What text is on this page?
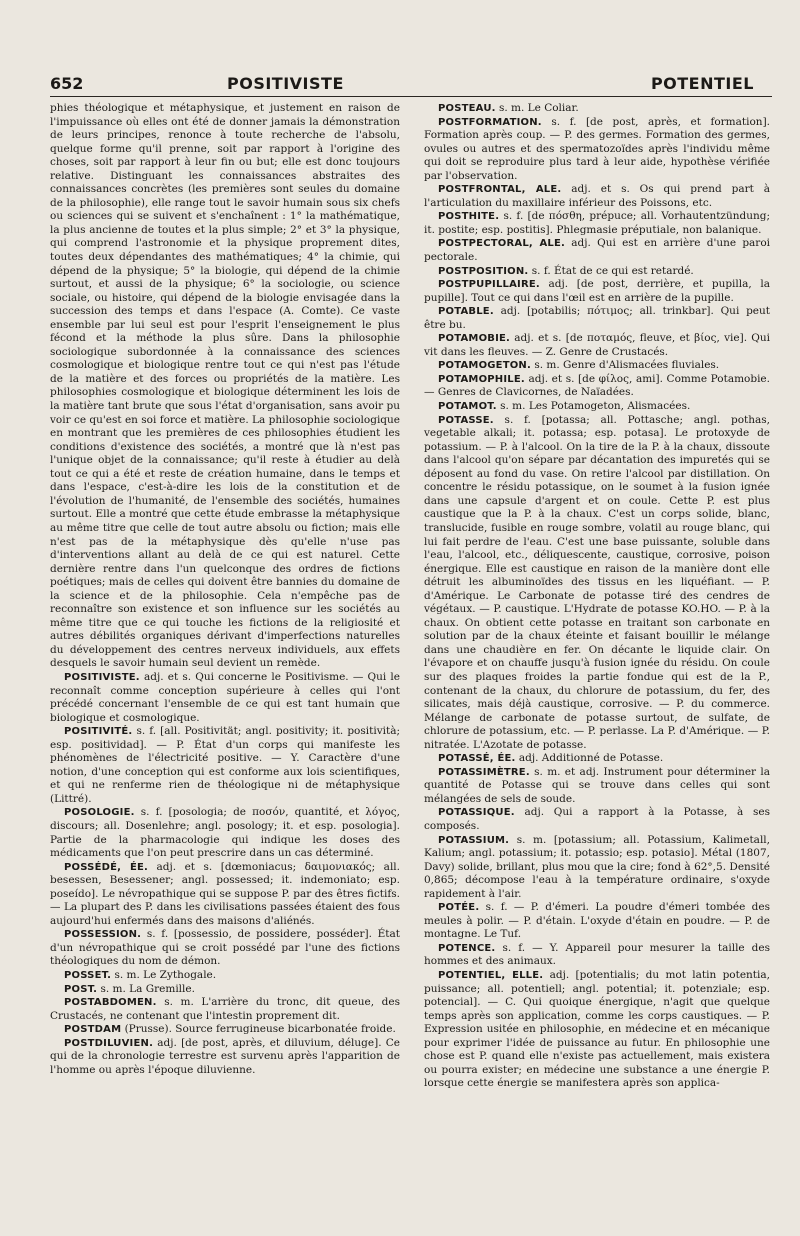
652	POSITIVISTE	POTENTIEL

phies théologique et métaphysique, et justement en raison de l'impuissance où elles ont été de donner jamais la démonstration de leurs principes, renonce à toute recherche de l'absolu, quelque forme qu'il prenne, soit par rapport à l'origine des choses, soit par rapport à leur fin ou but; elle est donc toujours relative. Distinguant les connaissances abstraites des connaissances concrètes (les premières sont seules du domaine de la philosophie), elle range tout le savoir humain sous six chefs ou sciences qui se suivent et s'enchaînent : 1° la mathématique, la plus ancienne de toutes et la plus simple; 2° et 3° la physique, qui comprend l'astronomie et la physique proprement dites, toutes deux dépendantes des mathématiques; 4° la chimie, qui dépend de la physique; 5° la biologie, qui dépend de la chimie surtout, et aussi de la physique; 6° la sociologie, ou science sociale, ou histoire, qui dépend de la biologie envisagée dans la succession des temps et dans l'espace (A. Comte). Ce vaste ensemble par lui seul est pour l'esprit l'enseignement le plus fécond et la méthode la plus sûre. Dans la philosophie sociologique subordonnée à la connaissance des sciences cosmologique et biologique rentre tout ce qui n'est pas l'étude de la matière et des forces ou propriétés de la matière. Les philosophies cosmologique et biologique déterminent les lois de la matière tant brute que sous l'état d'organisation, sans avoir pu voir ce qu'est en soi force et matière. La philosophie sociologique en montrant que les premières de ces philosophies étudient les conditions d'existence des sociétés, a montré que là n'est pas l'unique objet de la connaissance; qu'il reste à étudier au delà tout ce qui a été et reste de création humaine, dans le temps et dans l'espace, c'est-à-dire les lois de la constitution et de l'évolution de l'humanité, de l'ensemble des sociétés, humaines surtout. Elle a montré que cette étude embrasse la métaphysique au même titre que celle de tout autre absolu ou fiction; mais elle n'est pas de la métaphysique dès qu'elle n'use pas d'interventions allant au delà de ce qui est naturel. Cette dernière rentre dans l'un quelconque des ordres de fictions poétiques; mais de celles qui doivent être bannies du domaine de la science et de la philosophie. Cela n'empêche pas de reconnaître son existence et son influence sur les sociétés au même titre que ce qui touche les fictions de la religiosité et autres débilités organiques dérivant d'imperfections naturelles du développement des centres nerveux individuels, aux effets desquels le savoir humain seul devient un remède.

POSITIVISTE. adj. et s. Qui concerne le Positivisme. — Qui le reconnaît comme conception supérieure à celles qui l'ont précédé concernant l'ensemble de ce qui est tant humain que biologique et cosmologique.

POSITIVITÉ. s. f. [all. Positivität; angl. positivity; it. positività; esp. positividad]. — P. État d'un corps qui manifeste les phénomènes de l'électricité positive. — Y. Caractère d'une notion, d'une conception qui est conforme aux lois scientifiques, et qui ne renferme rien de théologique ni de métaphysique (Littré).

POSOLOGIE. s. f. [posologia; de ποσόν, quantité, et λόγος, discours; all. Dosenlehre; angl. posology; it. et esp. posologia]. Partie de la pharmacologie qui indique les doses des médicaments que l'on peut prescrire dans un cas déterminé.

POSSÉDÉ, ÉE. adj. et s. [dœmoniacus; δαιμονιακός; all. besessen, Besessener; angl. possessed; it. indemoniato; esp. poseído]. Le névropathique qui se suppose P. par des êtres fictifs. — La plupart des P. dans les civilisations passées étaient des fous aujourd'hui enfermés dans des maisons d'aliénés.

POSSESSION. s. f. [possessio, de possidere, posséder]. État d'un névropathique qui se croit possédé par l'une des fictions théologiques du nom de démon.

POSSET. s. m. Le Zythogale.

POST. s. m. La Gremille.

POSTABDOMEN. s. m. L'arrière du tronc, dit queue, des Crustacés, ne contenant que l'intestin proprement dit.

POSTDAM (Prusse). Source ferrugineuse bicarbonatée froide.

POSTDILUVIEN. adj. [de post, après, et diluvium, déluge]. Ce qui de la chronologie terrestre est survenu après l'apparition de l'homme ou après l'époque diluvienne.

POSTEAU. s. m. Le Coliar.

POSTFORMATION. s. f. [de post, après, et formation]. Formation après coup. — P. des germes. Formation des germes, ovules ou autres et des spermatozoïdes après l'individu même qui doit se reproduire plus tard à leur aide, hypothèse vérifiée par l'observation.

POSTFRONTAL, ALE. adj. et s. Os qui prend part à l'articulation du maxillaire inférieur des Poissons, etc.

POSTHITE. s. f. [de πόσθη, prépuce; all. Vorhautentzündung; it. postite; esp. postitis]. Phlegmasie préputiale, non balanique.

POSTPECTORAL, ALE. adj. Qui est en arrière d'une paroi pectorale.

POSTPOSITION. s. f. État de ce qui est retardé.

POSTPUPILLAIRE. adj. [de post, derrière, et pupilla, la pupille]. Tout ce qui dans l'œil est en arrière de la pupille.

POTABLE. adj. [potabilis; πότιμος; all. trinkbar]. Qui peut être bu.

POTAMOBIE. adj. et s. [de ποταμός, fleuve, et βίος, vie]. Qui vit dans les fleuves. — Z. Genre de Crustacés.

POTAMOGETON. s. m. Genre d'Alismacées fluviales.

POTAMOPHILE. adj. et s. [de φίλος, ami]. Comme Potamobie. — Genres de Clavicornes, de Naïadées.

POTAMOT. s. m. Les Potamogeton, Alismacées.

POTASSE. s. f. [potassa; all. Pottasche; angl. pothas, vegetable alkali; it. potassa; esp. potasa]. Le protoxyde de potassium. — P. à l'alcool. On la tire de la P. à la chaux, dissoute dans l'alcool qu'on sépare par décantation des impuretés qui se déposent au fond du vase. On retire l'alcool par distillation. On concentre le résidu potassique, on le soumet à la fusion ignée dans une capsule d'argent et on coule. Cette P. est plus caustique que la P. à la chaux. C'est un corps solide, blanc, translucide, fusible en rouge sombre, volatil au rouge blanc, qui lui fait perdre de l'eau. C'est une base puissante, soluble dans l'eau, l'alcool, etc., déliquescente, caustique, corrosive, poison énergique. Elle est caustique en raison de la manière dont elle détruit les albuminoïdes des tissus en les liquéfiant. — P. d'Amérique. Le Carbonate de potasse tiré des cendres de végétaux. — P. caustique. L'Hydrate de potasse KO.HO. — P. à la chaux. On obtient cette potasse en traitant son carbonate en solution par de la chaux éteinte et faisant bouillir le mélange dans une chaudière en fer. On décante le liquide clair. On l'évapore et on chauffe jusqu'à fusion ignée du résidu. On coule sur des plaques froides la partie fondue qui est de la P., contenant de la chaux, du chlorure de potassium, du fer, des silicates, mais déjà caustique, corrosive. — P. du commerce. Mélange de carbonate de potasse surtout, de sulfate, de chlorure de potassium, etc. — P. perlasse. La P. d'Amérique. — P. nitratée. L'Azotate de potasse.

POTASSÉ, ÉE. adj. Additionné de Potasse.

POTASSIMÈTRE. s. m. et adj. Instrument pour déterminer la quantité de Potasse qui se trouve dans celles qui sont mélangées de sels de soude.

POTASSIQUE. adj. Qui a rapport à la Potasse, à ses composés.

POTASSIUM. s. m. [potassium; all. Potassium, Kalimetall, Kalium; angl. potassium; it. potassio; esp. potasio]. Métal (1807, Davy) solide, brillant, plus mou que la cire; fond à 62°,5. Densité 0,865; décompose l'eau à la température ordinaire, s'oxyde rapidement à l'air.

POTÉE. s. f. — P. d'émeri. La poudre d'émeri tombée des meules à polir. — P. d'étain. L'oxyde d'étain en poudre. — P. de montagne. Le Tuf.

POTENCE. s. f. — Y. Appareil pour mesurer la taille des hommes et des animaux.

POTENTIEL, ELLE. adj. [potentialis; du mot latin potentia, puissance; all. potentiell; angl. potential; it. potenziale; esp. potencial]. — C. Qui quoique énergique, n'agit que quelque temps après son application, comme les corps caustiques. — P. Expression usitée en philosophie, en médecine et en mécanique pour exprimer l'idée de puissance au futur. En philosophie une chose est P. quand elle n'existe pas actuellement, mais existera ou pourra exister; en médecine une substance a une énergie P. lorsque cette énergie se manifestera après son applica-
